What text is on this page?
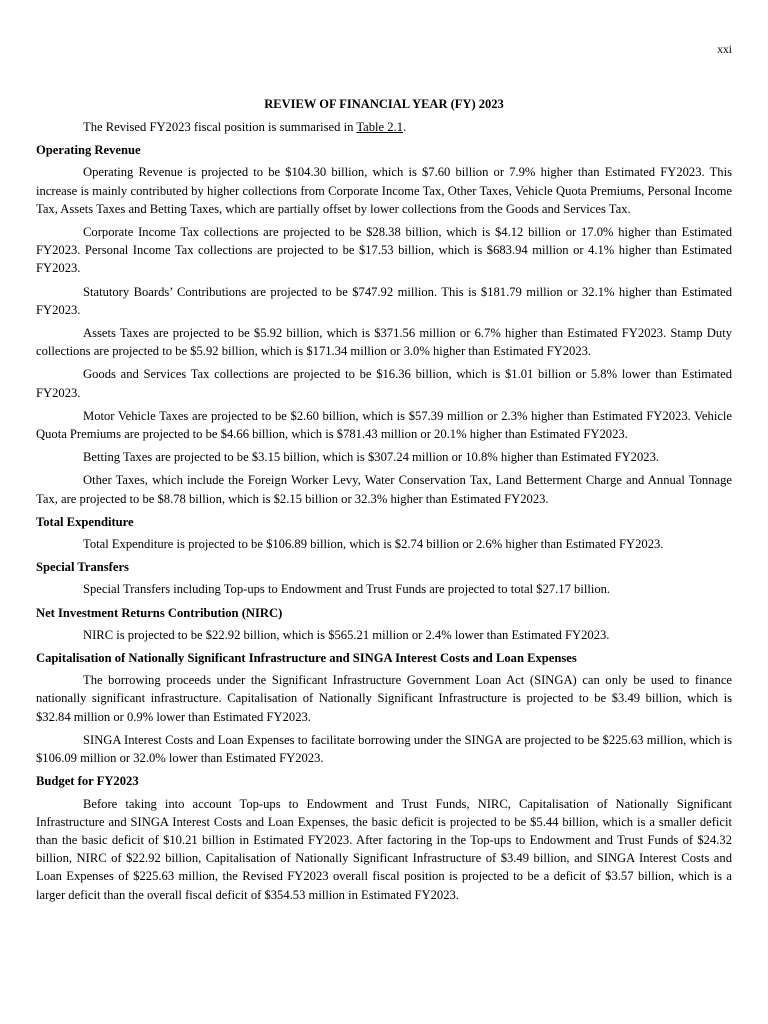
xxi
REVIEW OF FINANCIAL YEAR (FY) 2023

The Revised FY2023 fiscal position is summarised in Table 2.1.

Operating Revenue

Operating Revenue is projected to be $104.30 billion, which is $7.60 billion or 7.9% higher than Estimated FY2023. This increase is mainly contributed by higher collections from Corporate Income Tax, Other Taxes, Vehicle Quota Premiums, Personal Income Tax, Assets Taxes and Betting Taxes, which are partially offset by lower collections from the Goods and Services Tax.

Corporate Income Tax collections are projected to be $28.38 billion, which is $4.12 billion or 17.0% higher than Estimated FY2023. Personal Income Tax collections are projected to be $17.53 billion, which is $683.94 million or 4.1% higher than Estimated FY2023.

Statutory Boards’ Contributions are projected to be $747.92 million. This is $181.79 million or 32.1% higher than Estimated FY2023.

Assets Taxes are projected to be $5.92 billion, which is $371.56 million or 6.7% higher than Estimated FY2023. Stamp Duty collections are projected to be $5.92 billion, which is $171.34 million or 3.0% higher than Estimated FY2023.

Goods and Services Tax collections are projected to be $16.36 billion, which is $1.01 billion or 5.8% lower than Estimated FY2023.

Motor Vehicle Taxes are projected to be $2.60 billion, which is $57.39 million or 2.3% higher than Estimated FY2023. Vehicle Quota Premiums are projected to be $4.66 billion, which is $781.43 million or 20.1% higher than Estimated FY2023.

Betting Taxes are projected to be $3.15 billion, which is $307.24 million or 10.8% higher than Estimated FY2023.

Other Taxes, which include the Foreign Worker Levy, Water Conservation Tax, Land Betterment Charge and Annual Tonnage Tax, are projected to be $8.78 billion, which is $2.15 billion or 32.3% higher than Estimated FY2023.

Total Expenditure

Total Expenditure is projected to be $106.89 billion, which is $2.74 billion or 2.6% higher than Estimated FY2023.

Special Transfers

Special Transfers including Top-ups to Endowment and Trust Funds are projected to total $27.17 billion.

Net Investment Returns Contribution (NIRC)

NIRC is projected to be $22.92 billion, which is $565.21 million or 2.4% lower than Estimated FY2023.

Capitalisation of Nationally Significant Infrastructure and SINGA Interest Costs and Loan Expenses

The borrowing proceeds under the Significant Infrastructure Government Loan Act (SINGA) can only be used to finance nationally significant infrastructure. Capitalisation of Nationally Significant Infrastructure is projected to be $3.49 billion, which is $32.84 million or 0.9% lower than Estimated FY2023.

SINGA Interest Costs and Loan Expenses to facilitate borrowing under the SINGA are projected to be $225.63 million, which is $106.09 million or 32.0% lower than Estimated FY2023.

Budget for FY2023

Before taking into account Top-ups to Endowment and Trust Funds, NIRC, Capitalisation of Nationally Significant Infrastructure and SINGA Interest Costs and Loan Expenses, the basic deficit is projected to be $5.44 billion, which is a smaller deficit than the basic deficit of $10.21 billion in Estimated FY2023. After factoring in the Top-ups to Endowment and Trust Funds of $24.32 billion, NIRC of $22.92 billion, Capitalisation of Nationally Significant Infrastructure of $3.49 billion, and SINGA Interest Costs and Loan Expenses of $225.63 million, the Revised FY2023 overall fiscal position is projected to be a deficit of $3.57 billion, which is a larger deficit than the overall fiscal deficit of $354.53 million in Estimated FY2023.
